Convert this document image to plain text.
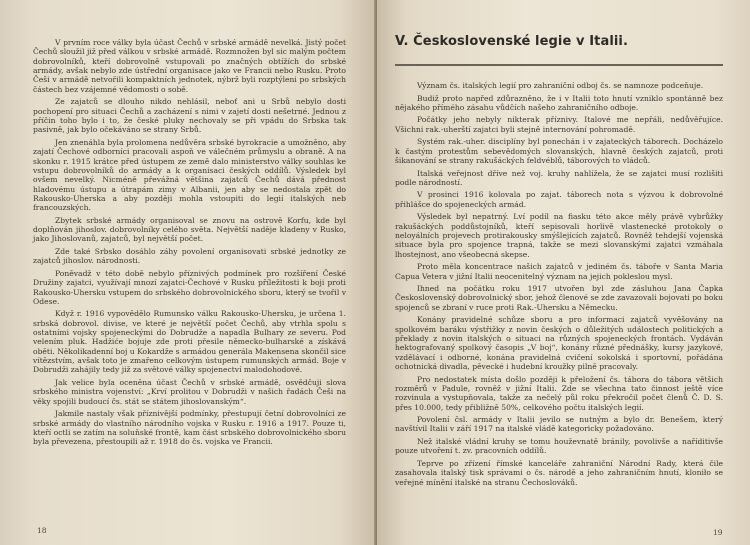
V prvním roce války byla účast Čechů v srbské armádě nevelká. Jistý počet Čechů sloužil již před válkou v srbské armádě. Rozmnožen byl sic malým počtem dobrovolníků, kteří dobrovolně vstupovali po značných obtížích do srbské armády, avšak nebylo zde ústřední organisace jako ve Francii nebo Rusku. Proto Češi v armádě netvořili kompaktních jednotek, nýbrž byli rozptýleni po srbských částech bez vzájemné vědomosti o sobě.

Ze zajatců se dlouho nikdo nehlásil, neboť ani u Srbů nebylo dosti pochopení pro situaci Čechů a zacházení s nimi v zajetí dosti nešetrné. Jednou z příčin toho bylo i to, že české pluky nechovaly se při vpádu do Srbska tak pasivně, jak bylo očekáváno se strany Srbů.

Jen znenáhla byla prolomena nedůvěra srbské byrokracie a umožněno, aby zajatí Čechové odborníci pracovali aspoň ve válečném průmyslu a obraně. A na skonku r. 1915 krátce před ústupem ze země dalo ministerstvo války souhlas ke vstupu dobrovolníků do armády a k organisaci českých oddílů. Výsledek byl ovšem nevelký. Nicméně převážná většina zajatců Čechů dává přednost hladovému ústupu a útrapám zimy v Albanii, jen aby se nedostala zpět do Rakousko-Uherska a aby později mohla vstoupiti do legií italských neb francouzských.

Zbytek srbské armády organisoval se znovu na ostrově Korfu, kde byl doplňován jihoslov. dobrovolníky celého světa. Největší naděje kladeny v Rusko, jako Jihoslovanů, zajatců, byl největší počet.

Zde také Srbsko dosáhlo záhy povolení organisovati srbské jednotky ze zajatců jihoslov. národnosti.

Poněvadž v této době nebylo příznivých podmínek pro rozšíření České Družiny zajatci, využívají mnozí zajatci-Čechové v Rusku příležitosti k boji proti Rakousko-Uhersku vstupem do srbského dobrovolnického sboru, který se tvořil v Odese.

Když r. 1916 vypovědělo Rumunsko válku Rakousko-Uhersku, je určena 1. srbská dobrovol. divise, ve které je největší počet Čechů, aby vtrhla spolu s ostatními vojsky spojeneckými do Dobrudže a napadla Bulhary ze severu. Pod velením pluk. Hadžiće bojuje zde proti přesile německo-bulharské a získává oběti. Několikadenní boj u Kokardže s armádou generála Makensena skončil sice vítězstvím, avšak toto je zmařeno celkovým ústupem rumunských armád. Boje v Dobrudži zahájily tedy již za světové války spojenectví malodohodové.

Jak velice byla oceněna účast Čechů v srbské armádě, osvědčuji slova srbského ministra vojenství: „Krví prolitou v Dobrudži v našich řadách Češi na věky spojili budoucí čs. stát se státem jihoslovanským“.

Jakmile nastaly však příznivější podmínky, přestupují četní dobrovolníci ze srbské armády do vlastního národního vojska v Rusku r. 1916 a 1917. Pouze ti, kteří octli se zatím na soluňské frontě, kam část srbského dobrovolnického sboru byla převezena, přestoupili až r. 1918 do čs. vojska ve Francii.

18
V. Československé legie v Italii.

Význam čs. italských legií pro zahraniční odboj čs. se namnoze podceňuje.

Budiž proto napřed zdůrazněno, že i v Italii toto hnutí vzniklo spontánně bez nějakého přímého zásahu vůdčích našeho zahraničního odboje.

Počátky jeho nebyly nikterak příznivy. Italové me nepřáli, nedůvěřujíce. Všichni rak.-uherští zajatci byli stejně internování pohromadě.

Systém rak.-uher. disciplíny byl ponechán i v zajateckých táborech. Docházelo k častým protestům sebevědomých slovanských, hlavně českých zajatců, proti šikanování se strany rakušáckých feldvéblů, táborových to vládců.

Italská veřejnost dříve než voj. kruhy nahlížela, že se zajatci musí rozlišiti podle národností.

V prosinci 1916 kolovala po zajat. táborech nota s výzvou k dobrovolné přihlášce do spojeneckých armád.

Výsledek byl nepatrný. Lví podíl na fiasku této akce měly právě vybrůžky rakušáckých poddůstojníků, kteří sepisovali horlivě vlastenecké protokoly o neloyálních projevech protirakousky smýšlejících zajatců. Rovněž tehdejší vojenská situace byla pro spojence trapná, takže se mezi slovanskými zajatci vzmáhala lhostejnost, ano všeobecná skepse.

Proto měla koncentrace našich zajatců v jediném čs. táboře v Santa Maria Capua Vetera v jižní Italii neocenitelný význam na jejich pokleslou mysl.

Ihned na počátku roku 1917 utvořen byl zde zásluhou Jana Čapka Československý dobrovolnický sbor, jehož členové se zde zavazovali bojovati po boku spojenců se zbraní v ruce proti Rak.-Uhersku a Německu.

Konány pravidelné schůze sboru a pro informaci zajatců vyvěšovány na spolkovém baráku výstřižky z novin českých o důležitých událostech politických a překlady z novin italských o situaci na různých spojeneckých frontách. Vydáván hektografovaný spolkový časopis „V boj“, konány různé přednášky, kursy jazykové, vzdělávací i odborné, konána pravidelná cvičení sokolská i sportovní, pořádána ochotnická divadla, pěvecké i hudební kroužky pilně pracovaly.

Pro nedostatek místa došlo později k přeložení čs. tábora do tábora většich rozměrů v Padule, rovněž v jižní Italii. Zde se všechna tato činnost ještě více rozvinula a vystupňovala, takže za nečelý půl roku překročil počet členů Č. D. S. přes 10.000, tedy přibližně 50%, celkového počtu italských legií.

Povolení čsl. armády v Italii jevilo se nutným a bylo dr. Benešem, který navštívil Italii v září 1917 na italské vládě kategoricky požadováno.

Než italské vládní kruhy se tomu houževnatě bránily, povolivše a naříditivše pouze utvoření t. zv. pracovních oddílů.

Teprve po zřízení římské kanceláře zahraniční Národní Rady, která čile zasahovala italský tisk správami o čs. národě a jeho zahraničním hnutí, kloniło se veřejné mínění italské na stranu Čechoslováků.

19
